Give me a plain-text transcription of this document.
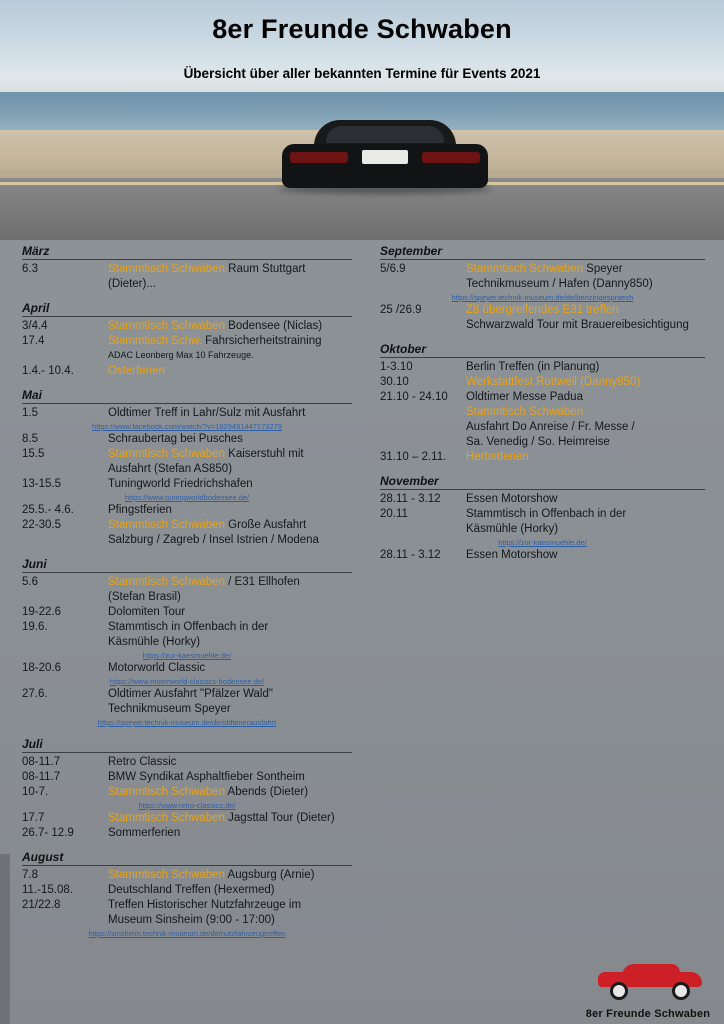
8er Freunde Schwaben
Übersicht über aller bekannten Termine für Events 2021
März
6.3	Stammtisch Schwaben Raum Stuttgart
(Dieter)...
April
3/4.4	Stammtisch Schwaben Bodensee (Niclas)
17.4	Stammtisch Schw. Fahrsicherheitstraining
ADAC Leonberg Max 10 Fahrzeuge.
1.4.- 10.4.	Osterferien
Mai
1.5	Oldtimer Treff in Lahr/Sulz mit Ausfahrt
https://www.facebook.com/watch/?v=1629491447173279
8.5	Schraubertag bei Pusches
15.5	Stammtisch Schwaben Kaiserstuhl mit
Ausfahrt (Stefan AS850)
13-15.5	Tuningworld Friedrichshafen
https://www.tuningworldbodensee.de/
25.5.- 4.6.	Pfingstferien
22-30.5	Stammtisch Schwaben Große Ausfahrt
Salzburg / Zagreb / Insel Istrien / Modena
Juni
5.6	Stammtisch Schwaben / E31 Ellhofen
(Stefan Brasil)
19-22.6	Dolomiten Tour
19.6.	Stammtisch in Offenbach in der
Käsmühle (Horky)
https://zur-kaesmuehle.de/
18-20.6	Motorworld Classic
https://www.motorworld-classics-bodensee.de/
27.6.	Oldtimer Ausfahrt "Pfälzer Wald"
Technikmuseum Speyer
https://speyer.technik-museum.de/de/oldtimerausfahrt
Juli
08-11.7	Retro Classic
08-11.7	BMW Syndikat Asphaltfieber Sontheim
10-7.	Stammtisch Schwaben Abends (Dieter)
https://www.retro-classics.de/
17.7	Stammtisch Schwaben Jagsttal Tour (Dieter)
26.7- 12.9	Sommerferien
August
7.8	Stammtisch Schwaben Augsburg (Arnie)
11.-15.08.	Deutschland Treffen (Hexermed)
21/22.8	Treffen Historischer Nutzfahrzeuge im
Museum Sinsheim (9:00 - 17:00)
https://sinsheim.technik-museum.de/de/nutzfahrzeugtreffen
September
5/6.9	Stammtisch Schwaben Speyer
Technikmuseum / Hafen (Danny850)
https://speyer.technik-museum.de/de/benzingespraech
25 /26.9	Z8 übergreifendes E31 treffen
Schwarzwald Tour mit Brauereibesichtigung
Oktober
1-3.10	Berlin Treffen (in Planung)
30.10	Werkstattfest Rottweil (Danny850)
21.10 - 24.10	Oldtimer Messe Padua
Stammtisch Schwaben
Ausfahrt Do Anreise / Fr. Messe /
Sa. Venedig / So. Heimreise
31.10 – 2.11.	Herbstferien
November
28.11 - 3.12	Essen Motorshow
20.11	Stammtisch in Offenbach in der
Käsmühle (Horky)
https://zur-kaesmuehle.de/
28.11 - 3.12	Essen Motorshow
8er Freunde Schwaben
